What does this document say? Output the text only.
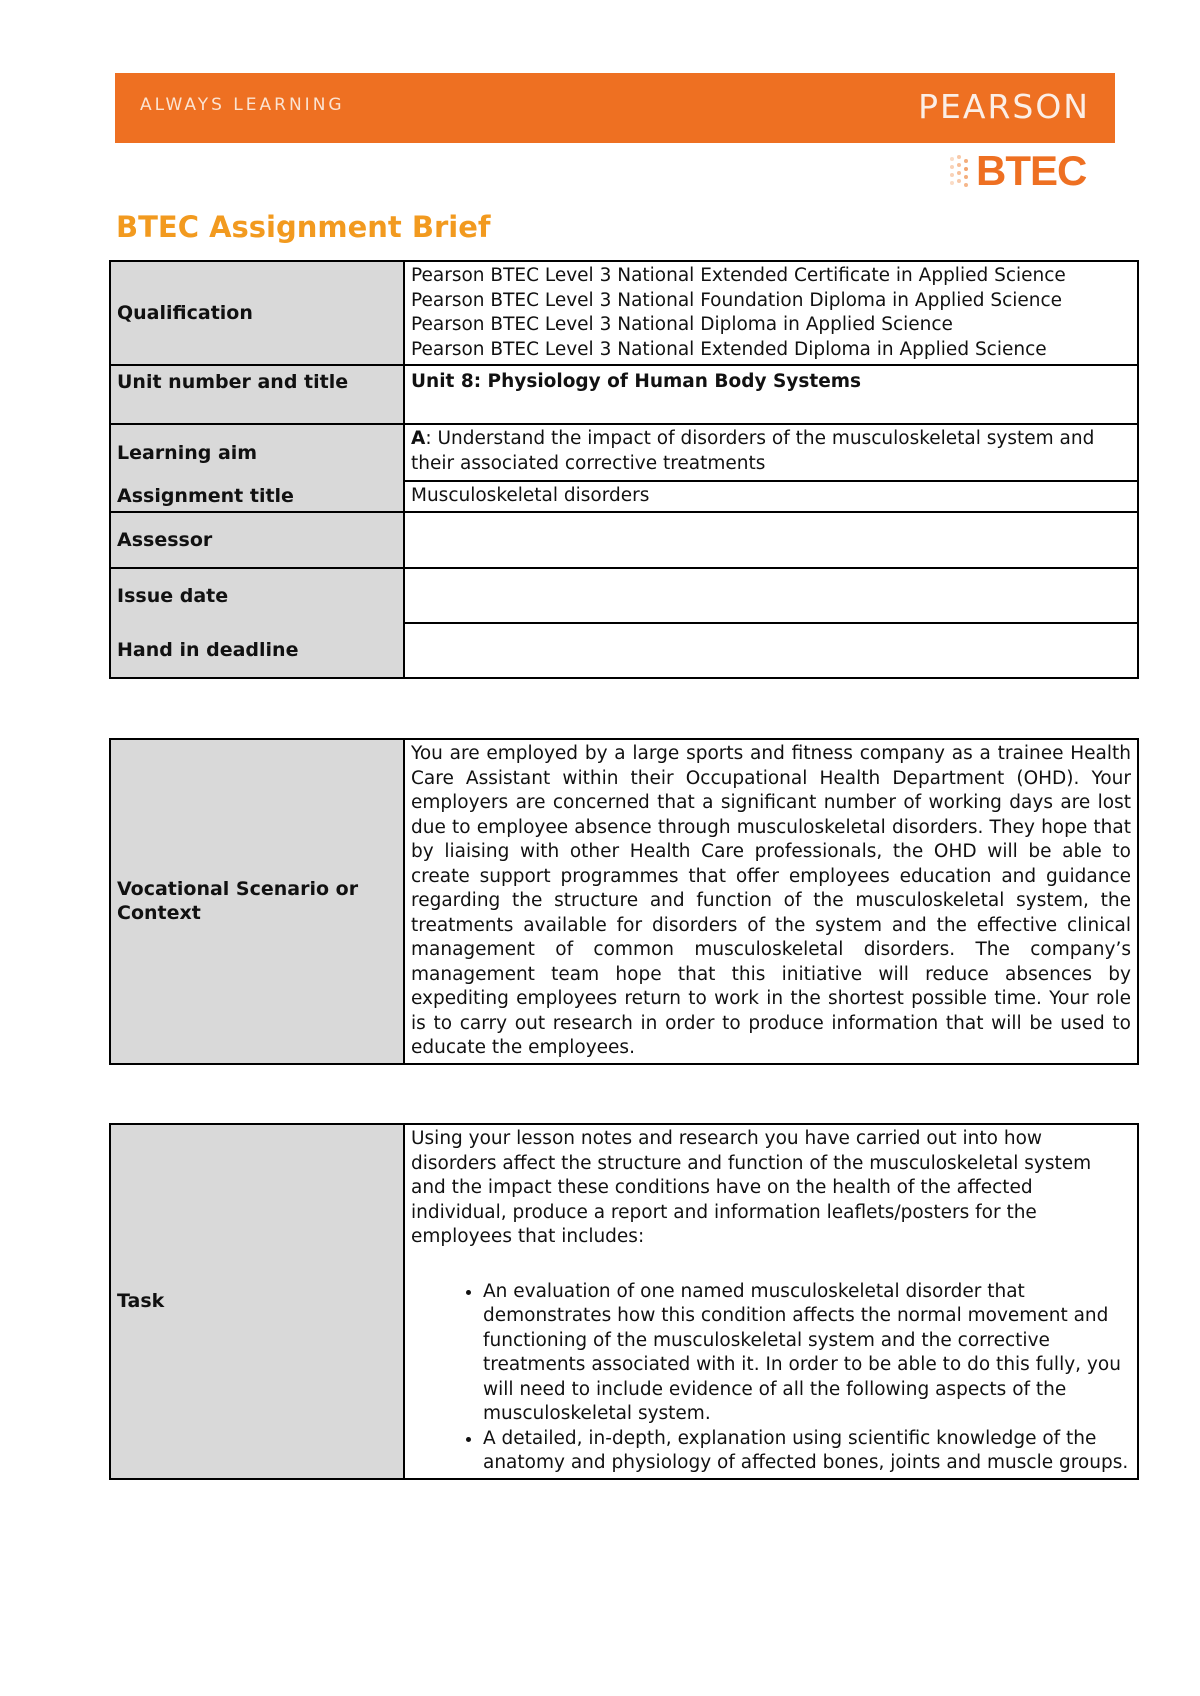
ALWAYS LEARNING	PEARSON
BTEC
BTEC Assignment Brief
Qualification	Pearson BTEC Level 3 National Extended Certificate in Applied Science
Pearson BTEC Level 3 National Foundation Diploma in Applied Science
Pearson BTEC Level 3 National Diploma in Applied Science
Pearson BTEC Level 3 National Extended Diploma in Applied Science

Unit number and title	Unit 8: Physiology of Human Body Systems
Learning aim	A: Understand the impact of disorders of the musculoskeletal system and their associated corrective treatments
Assignment title	Musculoskeletal disorders
Assessor	
Issue date	
Hand in deadline	
Vocational Scenario or Context	You are employed by a large sports and fitness company as a trainee Health Care Assistant within their Occupational Health Department (OHD). Your employers are concerned that a significant number of working days are lost due to employee absence through musculoskeletal disorders. They hope that by liaising with other Health Care professionals, the OHD will be able to create support programmes that offer employees education and guidance regarding the structure and function of the musculoskeletal system, the treatments available for disorders of the system and the effective clinical management of common musculoskeletal disorders. The company’s management team hope that this initiative will reduce absences by expediting employees return to work in the shortest possible time. Your role is to carry out research in order to produce information that will be used to educate the employees.
Task	
Using your lesson notes and research you have carried out into how disorders affect the structure and function of the musculoskeletal system and the impact these conditions have on the health of the affected individual, produce a report and information leaflets/posters for the employees that includes:
• An evaluation of one named musculoskeletal disorder that demonstrates how this condition affects the normal movement and functioning of the musculoskeletal system and the corrective treatments associated with it. In order to be able to do this fully, you will need to include evidence of all the following aspects of the musculoskeletal system.
• A detailed, in-depth, explanation using scientific knowledge of the anatomy and physiology of affected bones, joints and muscle groups.
